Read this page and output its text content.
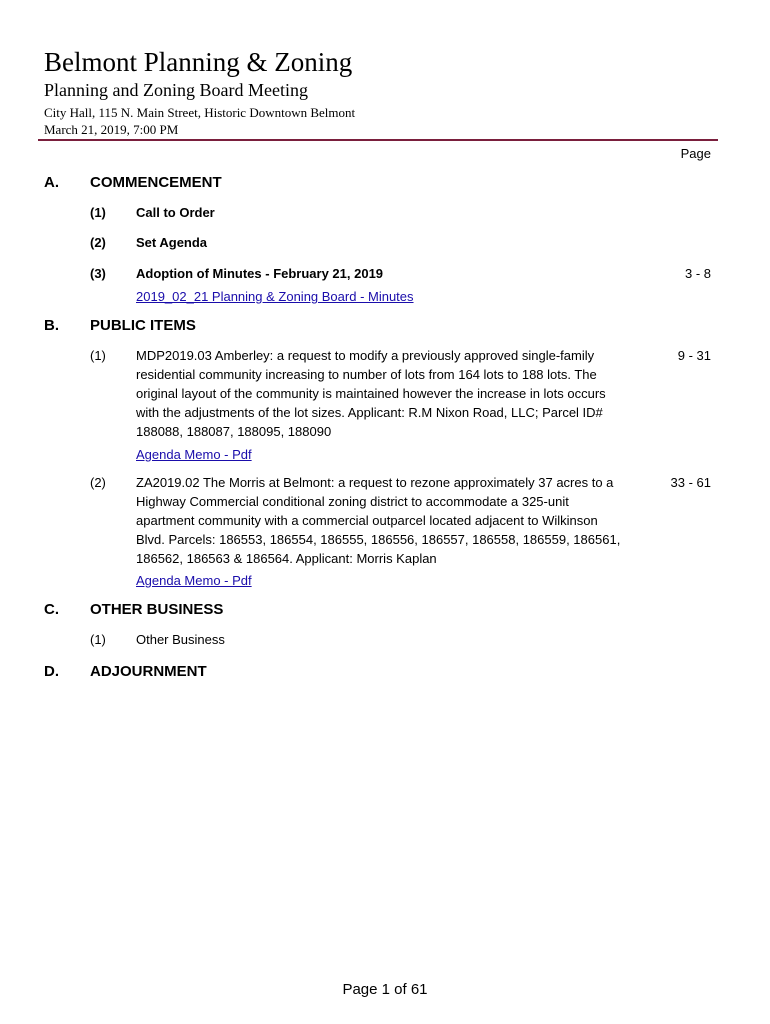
Belmont Planning & Zoning
Planning and Zoning Board Meeting
City Hall, 115 N. Main Street, Historic Downtown Belmont
March 21, 2019, 7:00 PM
Page
A. COMMENCEMENT
(1) Call to Order
(2) Set Agenda
(3) Adoption of Minutes - February 21, 2019	3 - 8
2019_02_21 Planning & Zoning Board - Minutes
B. PUBLIC ITEMS
(1) MDP2019.03 Amberley: a request to modify a previously approved single-family residential community increasing to number of lots from 164 lots to 188 lots. The original layout of the community is maintained however the increase in lots occurs with the adjustments of the lot sizes. Applicant: R.M Nixon Road, LLC; Parcel ID# 188088, 188087, 188095, 188090
9 - 31
Agenda Memo - Pdf
(2) ZA2019.02 The Morris at Belmont: a request to rezone approximately 37 acres to a Highway Commercial conditional zoning district to accommodate a 325-unit apartment community with a commercial outparcel located adjacent to Wilkinson Blvd. Parcels: 186553, 186554, 186555, 186556, 186557, 186558, 186559, 186561, 186562, 186563 & 186564. Applicant: Morris Kaplan
33 - 61
Agenda Memo - Pdf
C. OTHER BUSINESS
(1) Other Business
D. ADJOURNMENT
Page 1 of 61
